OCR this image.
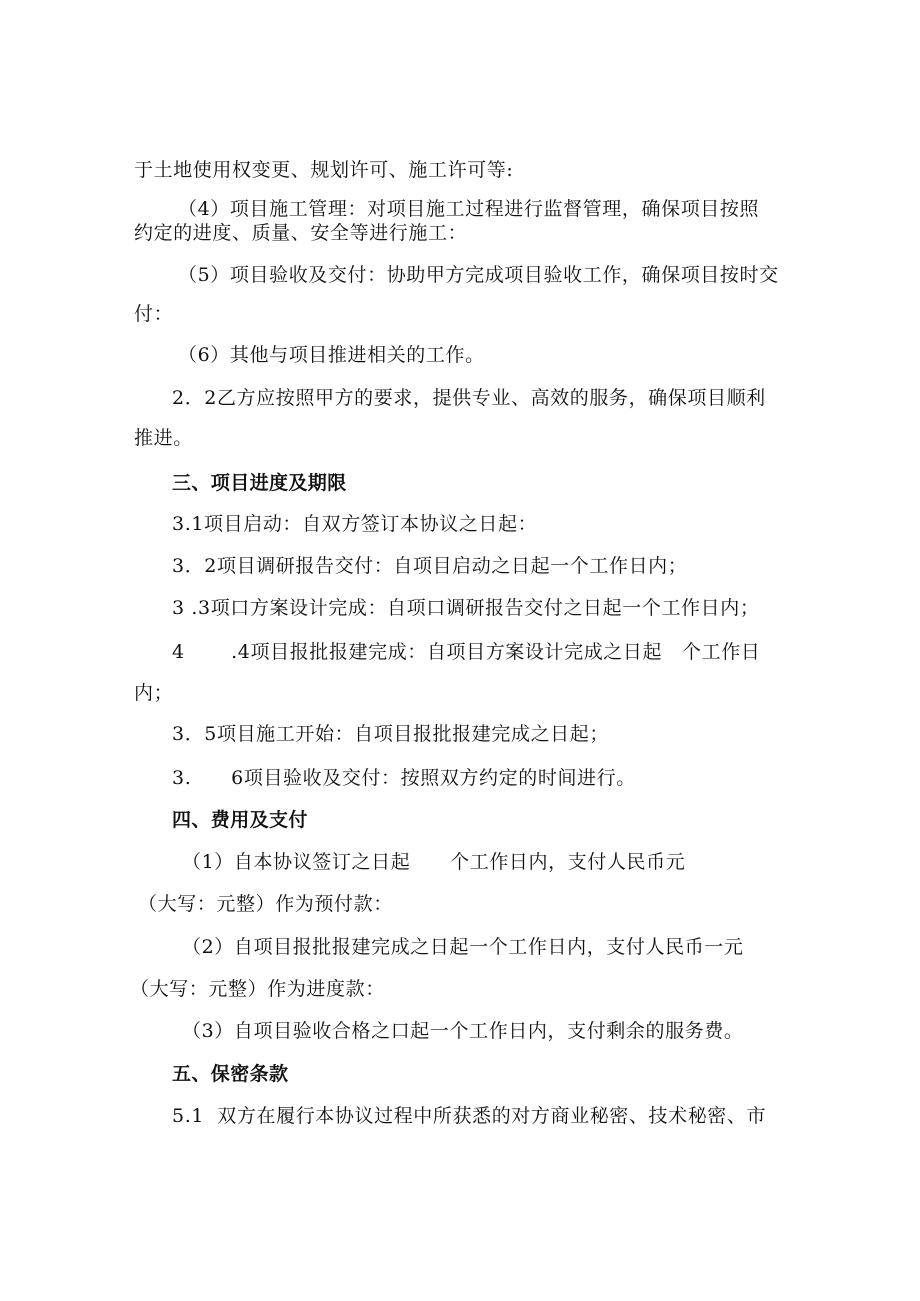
于土地使用权变更、规划许可、施工许可等:
（4）项目施工管理：对项目施工过程进行监督管理，确保项目按照
约定的进度、质量、安全等进行施工：
（5）项目验收及交付：协助甲方完成项目验收工作，确保项目按时交
付：
（6）其他与项目推进相关的工作。
2．2乙方应按照甲方的要求，提供专业、高效的服务，确保项目顺利
推进。
三、项目进度及期限
3.1项目启动：自双方签订本协议之日起：
3．2项目调研报告交付：自项目启动之日起一个工作日内；
3 .3项口方案设计完成：自项口调研报告交付之日起一个工作日内；
4       .4项目报批报建完成：自项目方案设计完成之日起   个工作日
内；
3．5项目施工开始：自项目报批报建完成之日起；
3.      6项目验收及交付：按照双方约定的时间进行。
四、费用及支付
（1）自本协议签订之日起      个工作日内，支付人民币元
（大写：元整）作为预付款：
（2）自项目报批报建完成之日起一个工作日内，支付人民币一元
（大写：元整）作为进度款：
（3）自项目验收合格之口起一个工作日内，支付剩余的服务费。
五、保密条款
5.1  双方在履行本协议过程中所获悉的对方商业秘密、技术秘密、市
